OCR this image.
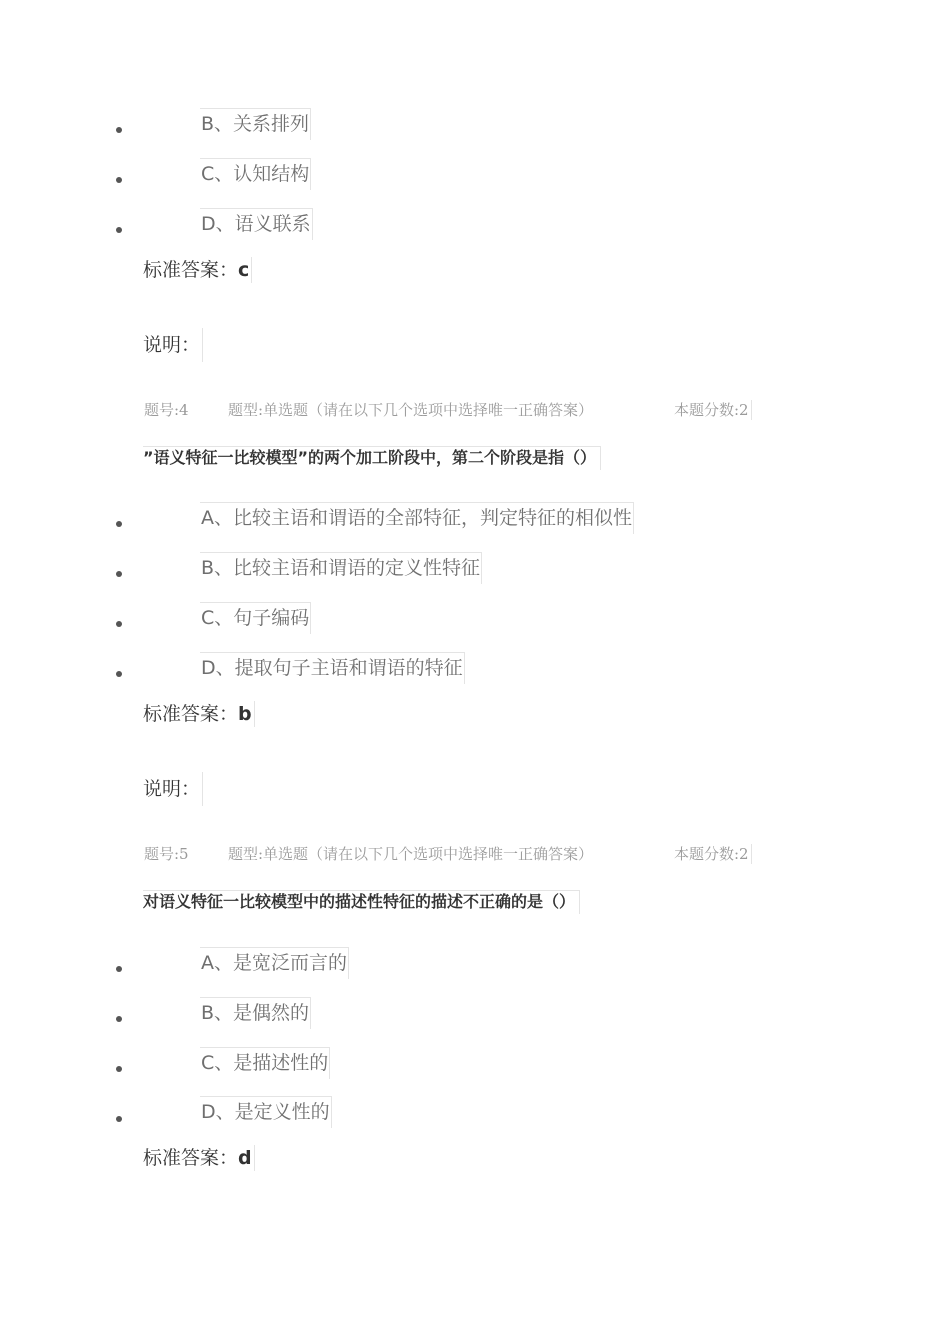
B、关系排列
C、认知结构
D、语义联系
标准答案：c
说明：
题号:4	题型:单选题（请在以下几个选项中选择唯一正确答案）	本题分数:2
”语义特征一比较模型”的两个加工阶段中，第二个阶段是指（）
A、比较主语和谓语的全部特征，判定特征的相似性
B、比较主语和谓语的定义性特征
C、句子编码
D、提取句子主语和谓语的特征
标准答案：b
说明：
题号:5	题型:单选题（请在以下几个选项中选择唯一正确答案）	本题分数:2
对语义特征一比较模型中的描述性特征的描述不正确的是（）
A、是宽泛而言的
B、是偶然的
C、是描述性的
D、是定义性的
标准答案：d
